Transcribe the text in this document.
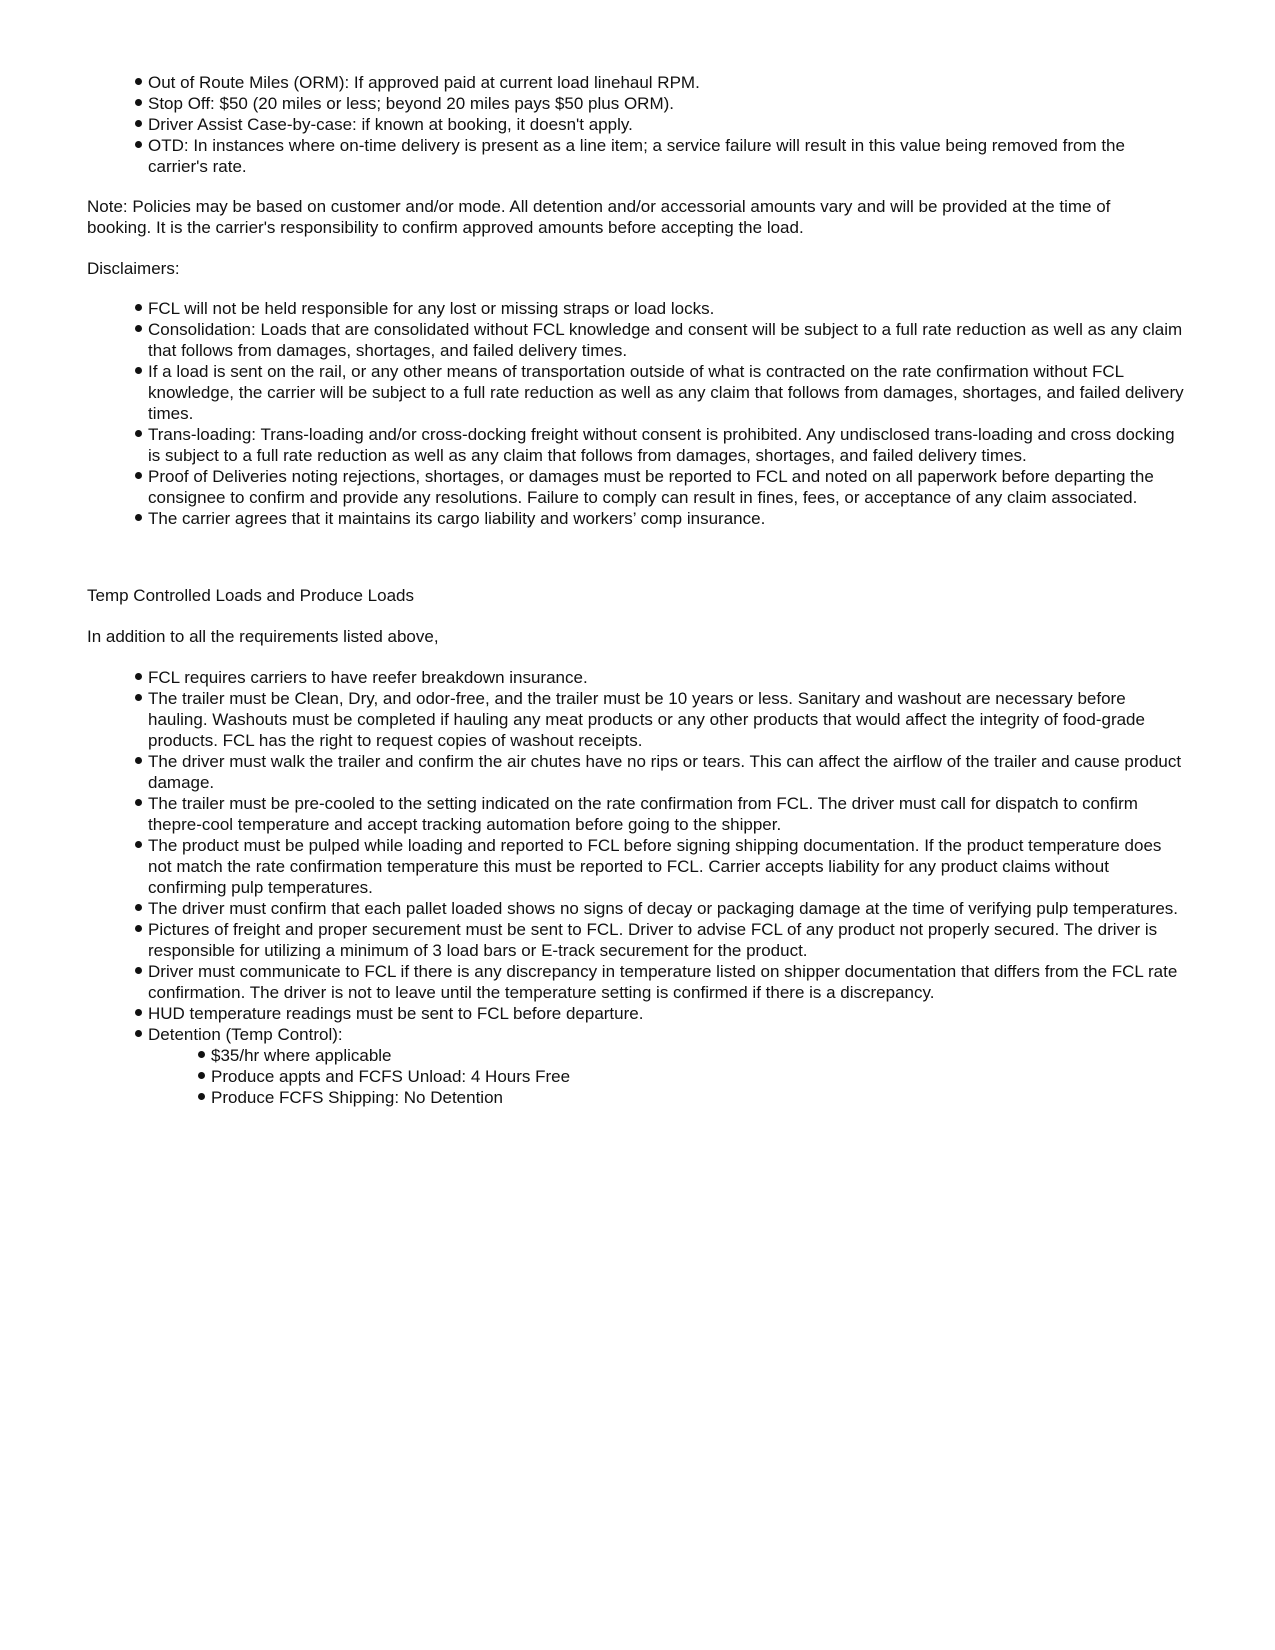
Out of Route Miles (ORM): If approved paid at current load linehaul RPM.
Stop Off: $50 (20 miles or less; beyond 20 miles pays $50 plus ORM).
Driver Assist Case-by-case: if known at booking, it doesn't apply.
OTD: In instances where on-time delivery is present as a line item; a service failure will result in this value being removed from the carrier's rate.

Note: Policies may be based on customer and/or mode. All detention and/or accessorial amounts vary and will be provided at the time of booking. It is the carrier's responsibility to confirm approved amounts before accepting the load.

Disclaimers:

FCL will not be held responsible for any lost or missing straps or load locks.
Consolidation: Loads that are consolidated without FCL knowledge and consent will be subject to a full rate reduction as well as any claim that follows from damages, shortages, and failed delivery times.
If a load is sent on the rail, or any other means of transportation outside of what is contracted on the rate confirmation without FCL knowledge, the carrier will be subject to a full rate reduction as well as any claim that follows from damages, shortages, and failed delivery times.
Trans-loading: Trans-loading and/or cross-docking freight without consent is prohibited. Any undisclosed trans-loading and cross docking is subject to a full rate reduction as well as any claim that follows from damages, shortages, and failed delivery times.
Proof of Deliveries noting rejections, shortages, or damages must be reported to FCL and noted on all paperwork before departing the consignee to confirm and provide any resolutions. Failure to comply can result in fines, fees, or acceptance of any claim associated.
The carrier agrees that it maintains its cargo liability and workers’ comp insurance.

Temp Controlled Loads and Produce Loads

In addition to all the requirements listed above,

FCL requires carriers to have reefer breakdown insurance.
The trailer must be Clean, Dry, and odor-free, and the trailer must be 10 years or less. Sanitary and washout are necessary before hauling. Washouts must be completed if hauling any meat products or any other products that would affect the integrity of food-grade products. FCL has the right to request copies of washout receipts.
The driver must walk the trailer and confirm the air chutes have no rips or tears. This can affect the airflow of the trailer and cause product damage.
The trailer must be pre-cooled to the setting indicated on the rate confirmation from FCL. The driver must call for dispatch to confirm thepre-cool temperature and accept tracking automation before going to the shipper.
The product must be pulped while loading and reported to FCL before signing shipping documentation. If the product temperature does not match the rate confirmation temperature this must be reported to FCL. Carrier accepts liability for any product claims without confirming pulp temperatures.
The driver must confirm that each pallet loaded shows no signs of decay or packaging damage at the time of verifying pulp temperatures.
Pictures of freight and proper securement must be sent to FCL. Driver to advise FCL of any product not properly secured. The driver is responsible for utilizing a minimum of 3 load bars or E-track securement for the product.
Driver must communicate to FCL if there is any discrepancy in temperature listed on shipper documentation that differs from the FCL rate confirmation. The driver is not to leave until the temperature setting is confirmed if there is a discrepancy.
HUD temperature readings must be sent to FCL before departure.
Detention (Temp Control):
$35/hr where applicable
Produce appts and FCFS Unload: 4 Hours Free
Produce FCFS Shipping: No Detention
